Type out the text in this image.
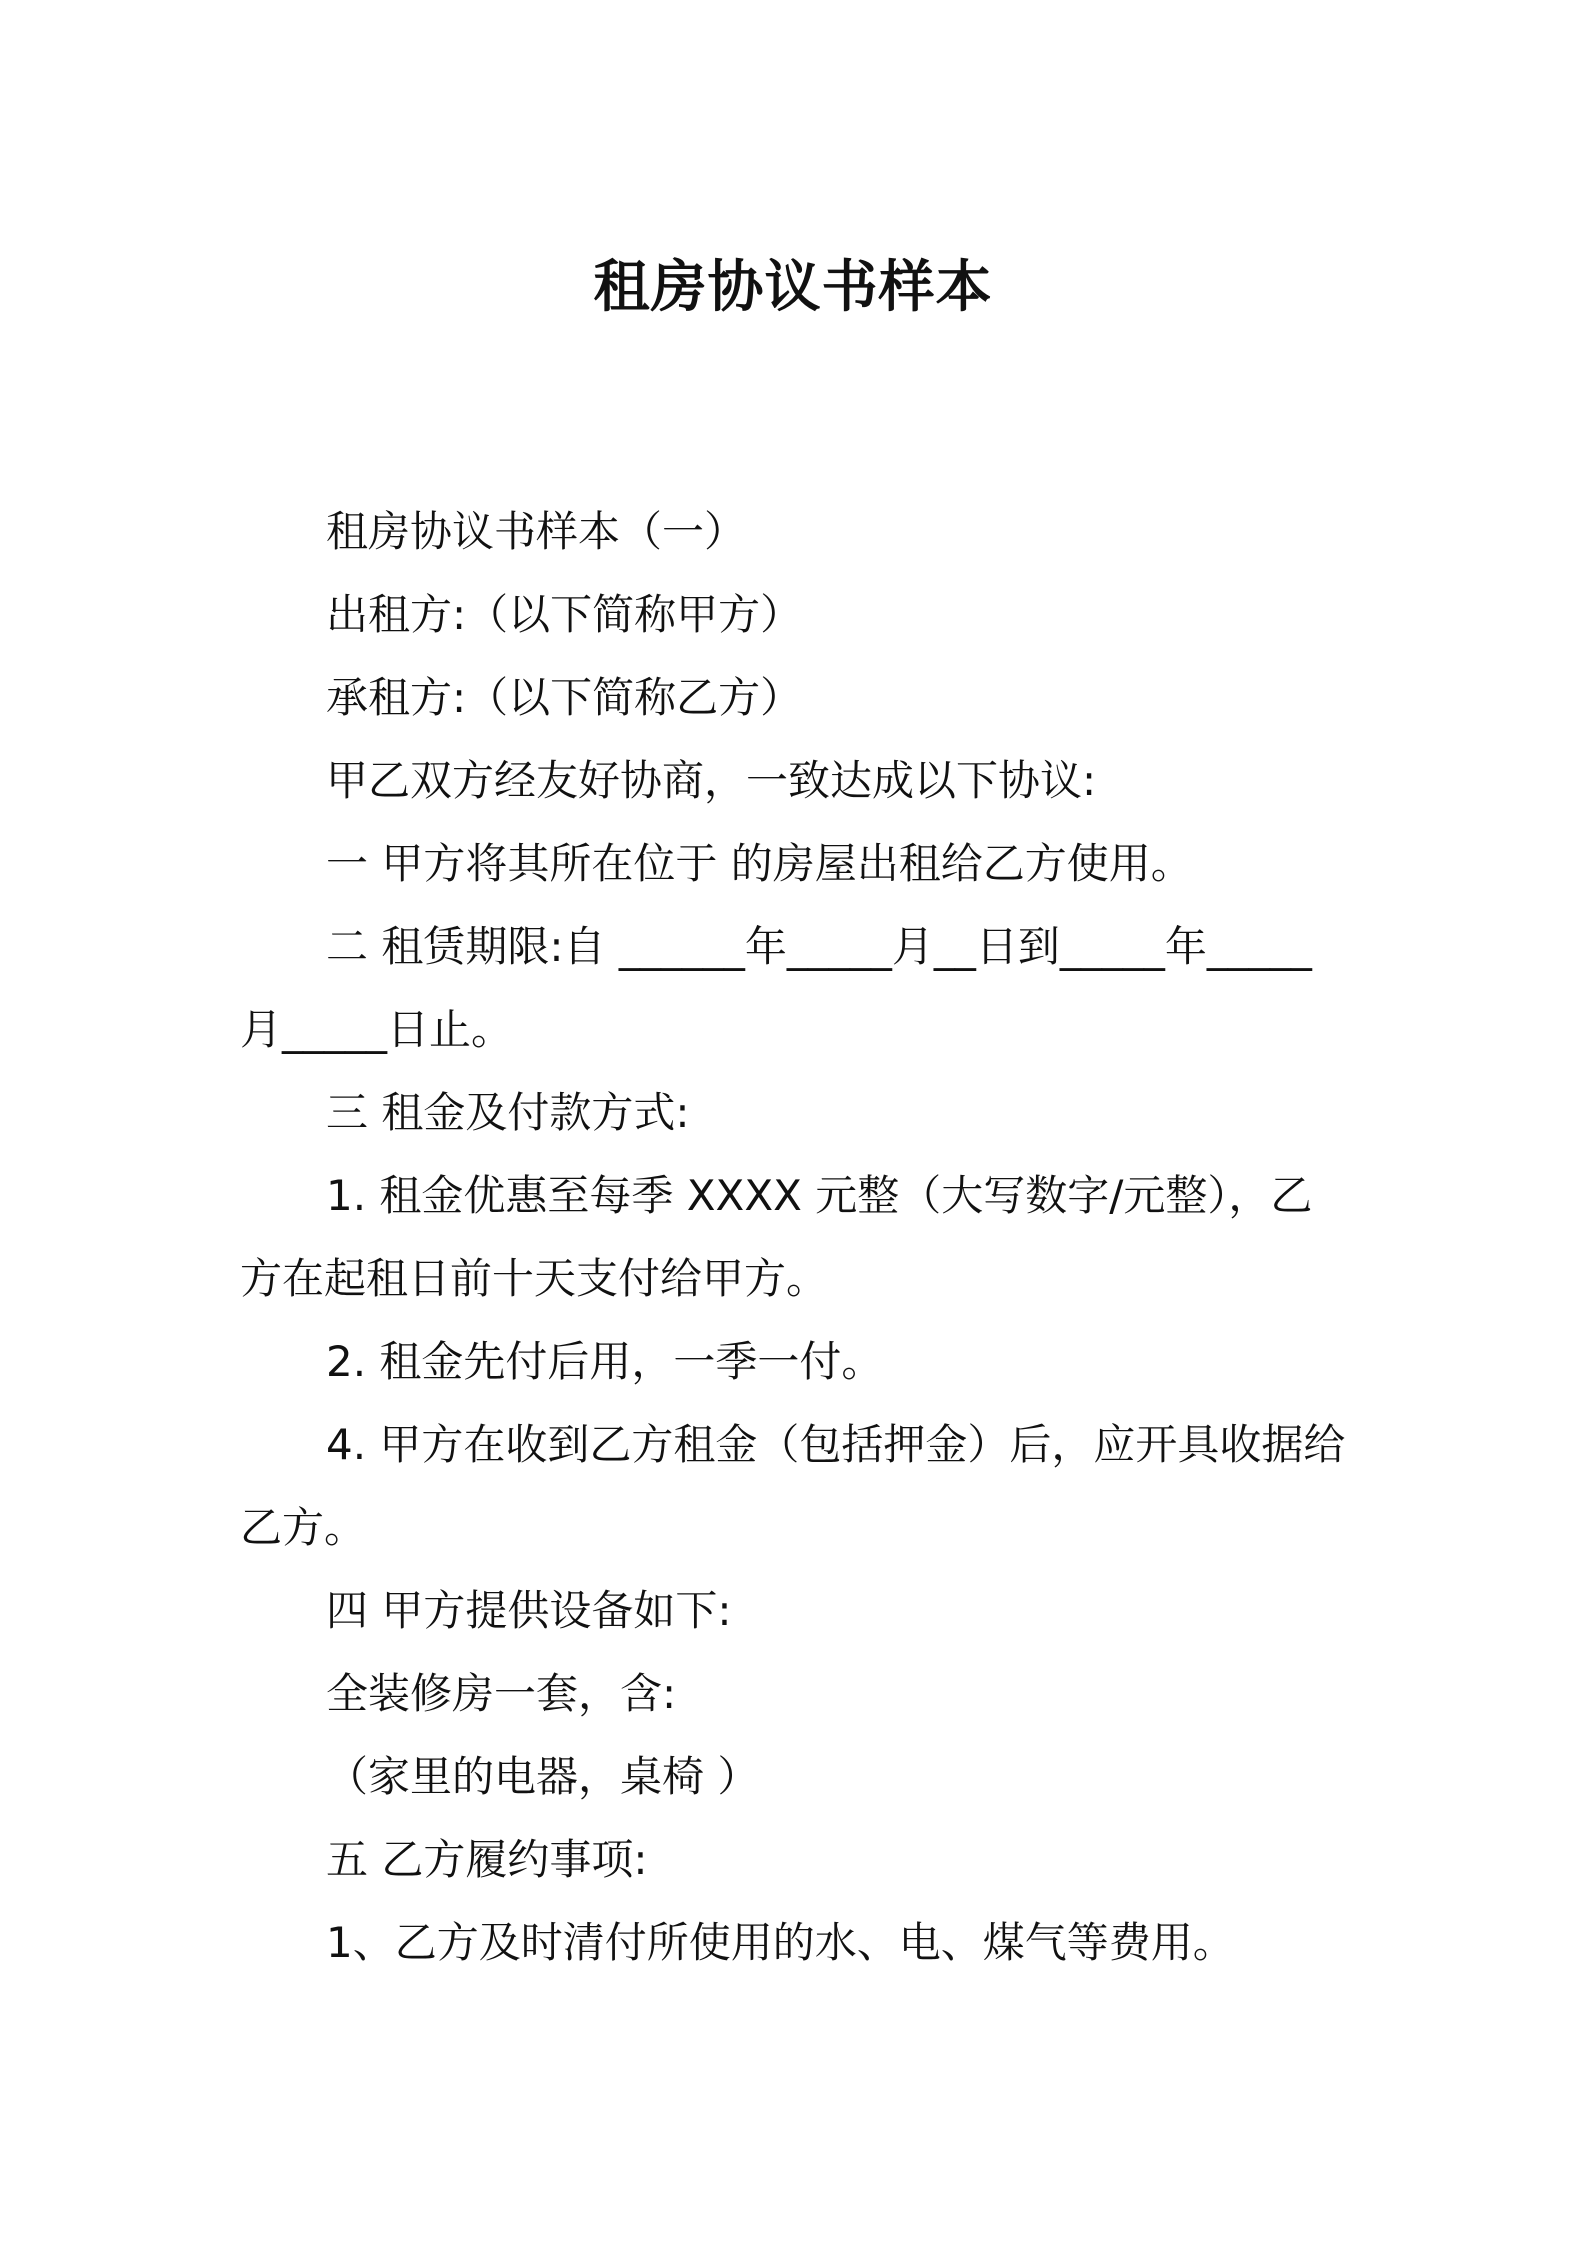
租房协议书样本

租房协议书样本（一）

出租方:（以下简称甲方）

承租方:（以下简称乙方）

甲乙双方经友好协商，一致达成以下协议:

一 甲方将其所在位于 的房屋出租给乙方使用。

二 租赁期限:自 ______年_____月__日到_____年_____月_____日止。

三 租金及付款方式:

1. 租金优惠至每季 XXXX 元整（大写数字/元整），乙方在起租日前十天支付给甲方。

2. 租金先付后用，一季一付。

4. 甲方在收到乙方租金（包括押金）后，应开具收据给乙方。

四 甲方提供设备如下:

全装修房一套，含:

（家里的电器，桌椅 ）

五 乙方履约事项:

1、乙方及时清付所使用的水、电、煤气等费用。
